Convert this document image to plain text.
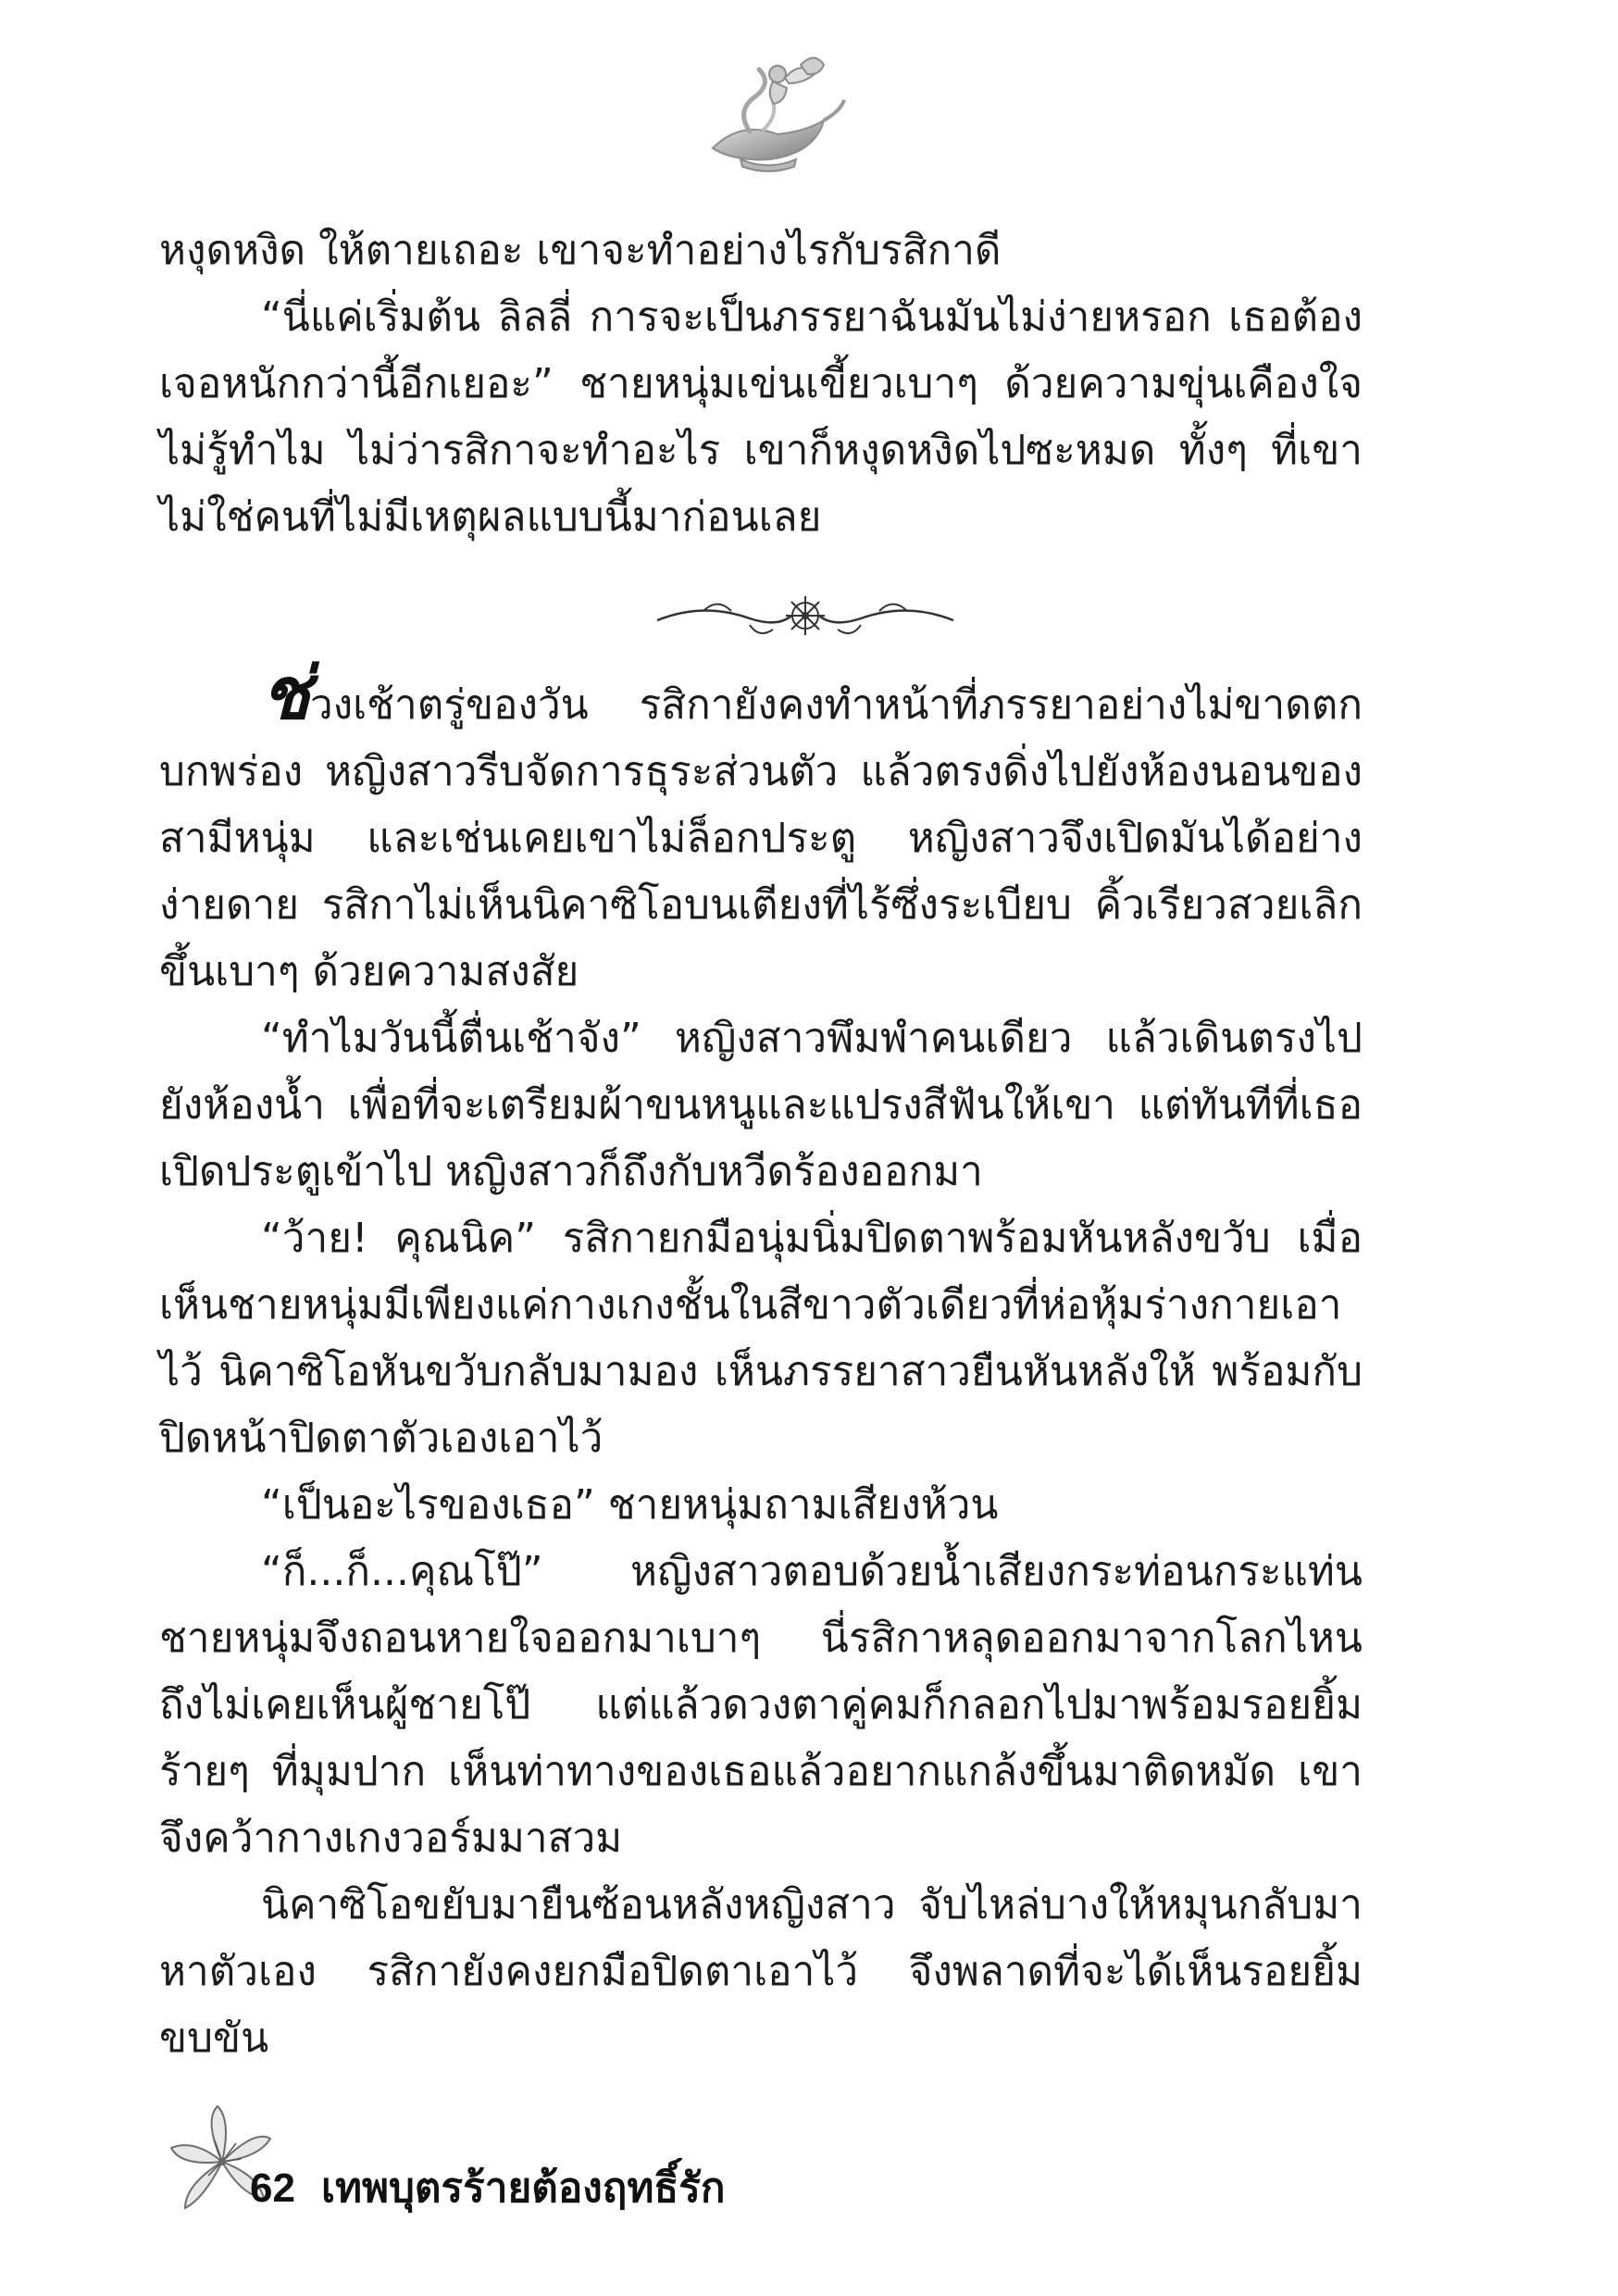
หงุดหงิด ให้ตายเถอะ เขาจะทำอย่างไรกับรสิกาดี

“นี่แค่เริ่มต้น ลิลลี่ การจะเป็นภรรยาฉันมันไม่ง่ายหรอก เธอต้องเจอหนักกว่านี้อีกเยอะ” ชายหนุ่มเข่นเขี้ยวเบาๆ ด้วยความขุ่นเคืองใจ ไม่รู้ทำไม ไม่ว่ารสิกาจะทำอะไร เขาก็หงุดหงิดไปซะหมด ทั้งๆ ที่เขาไม่ใช่คนที่ไม่มีเหตุผลแบบนี้มาก่อนเลย

ช่วงเช้าตรู่ของวัน รสิกายังคงทำหน้าที่ภรรยาอย่างไม่ขาดตกบกพร่อง หญิงสาวรีบจัดการธุระส่วนตัว แล้วตรงดิ่งไปยังห้องนอนของสามีหนุ่ม และเช่นเคยเขาไม่ล็อกประตู หญิงสาวจึงเปิดมันได้อย่างง่ายดาย รสิกาไม่เห็นนิคาซิโอบนเตียงที่ไร้ซึ่งระเบียบ คิ้วเรียวสวยเลิกขึ้นเบาๆ ด้วยความสงสัย

“ทำไมวันนี้ตื่นเช้าจัง” หญิงสาวพึมพำคนเดียว แล้วเดินตรงไปยังห้องน้ำ เพื่อที่จะเตรียมผ้าขนหนูและแปรงสีฟันให้เขา แต่ทันทีที่เธอเปิดประตูเข้าไป หญิงสาวก็ถึงกับหวีดร้องออกมา

“ว้าย! คุณนิค” รสิกายกมือนุ่มนิ่มปิดตาพร้อมหันหลังขวับ เมื่อเห็นชายหนุ่มมีเพียงแค่กางเกงชั้นในสีขาวตัวเดียวที่ห่อหุ้มร่างกายเอาไว้ นิคาซิโอหันขวับกลับมามอง เห็นภรรยาสาวยืนหันหลังให้ พร้อมกับปิดหน้าปิดตาตัวเองเอาไว้

“เป็นอะไรของเธอ” ชายหนุ่มถามเสียงห้วน

“ก็...ก็...คุณโป๊” หญิงสาวตอบด้วยน้ำเสียงกระท่อนกระแท่น ชายหนุ่มจึงถอนหายใจออกมาเบาๆ นี่รสิกาหลุดออกมาจากโลกไหน ถึงไม่เคยเห็นผู้ชายโป๊ แต่แล้วดวงตาคู่คมก็กลอกไปมาพร้อมรอยยิ้มร้ายๆ ที่มุมปาก เห็นท่าทางของเธอแล้วอยากแกล้งขึ้นมาติดหมัด เขาจึงคว้ากางเกงวอร์มมาสวม

นิคาซิโอขยับมายืนซ้อนหลังหญิงสาว จับไหล่บางให้หมุนกลับมาหาตัวเอง รสิกายังคงยกมือปิดตาเอาไว้ จึงพลาดที่จะได้เห็นรอยยิ้มขบขัน

62 เทพบุตรร้ายต้องฤทธิ์รัก
